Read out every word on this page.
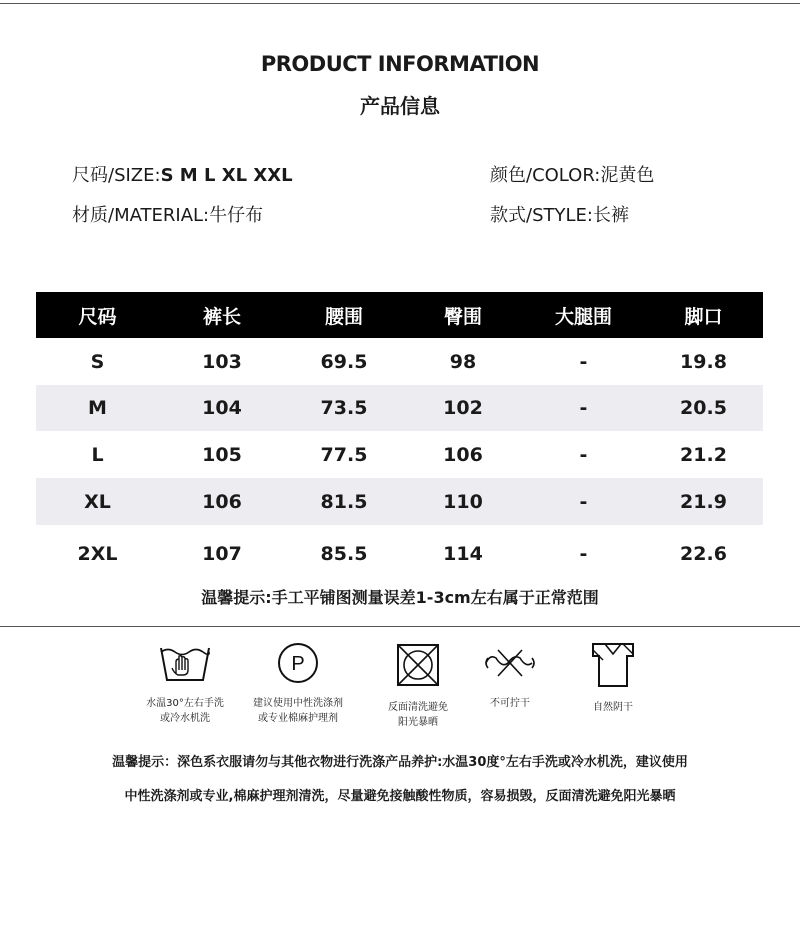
PRODUCT INFORMATION
产品信息
尺码/SIZE:S M L XL XXL	颜色/COLOR:泥黄色
材质/MATERIAL:牛仔布	款式/STYLE:长裤
尺码	裤长	腰围	臀围	大腿围	脚口
S	103	69.5	98	-	19.8
M	104	73.5	102	-	20.5
L	105	77.5	106	-	21.2
XL	106	81.5	110	-	21.9
2XL	107	85.5	114	-	22.6
温馨提示:手工平铺图测量误差1-3cm左右属于正常范围
水温30°左右手洗
或冷水机洗
P
建议使用中性洗涤剂
或专业棉麻护理剂
反面清洗避免
阳光暴晒
不可拧干	自然阴干
温馨提示：深色系衣服请勿与其他衣物进行洗涤产品养护:水温30度°左右手洗或冷水机洗，建议使用
中性洗涤剂或专业,棉麻护理剂清洗，尽量避免接触酸性物质，容易损毁，反面清洗避免阳光暴晒
